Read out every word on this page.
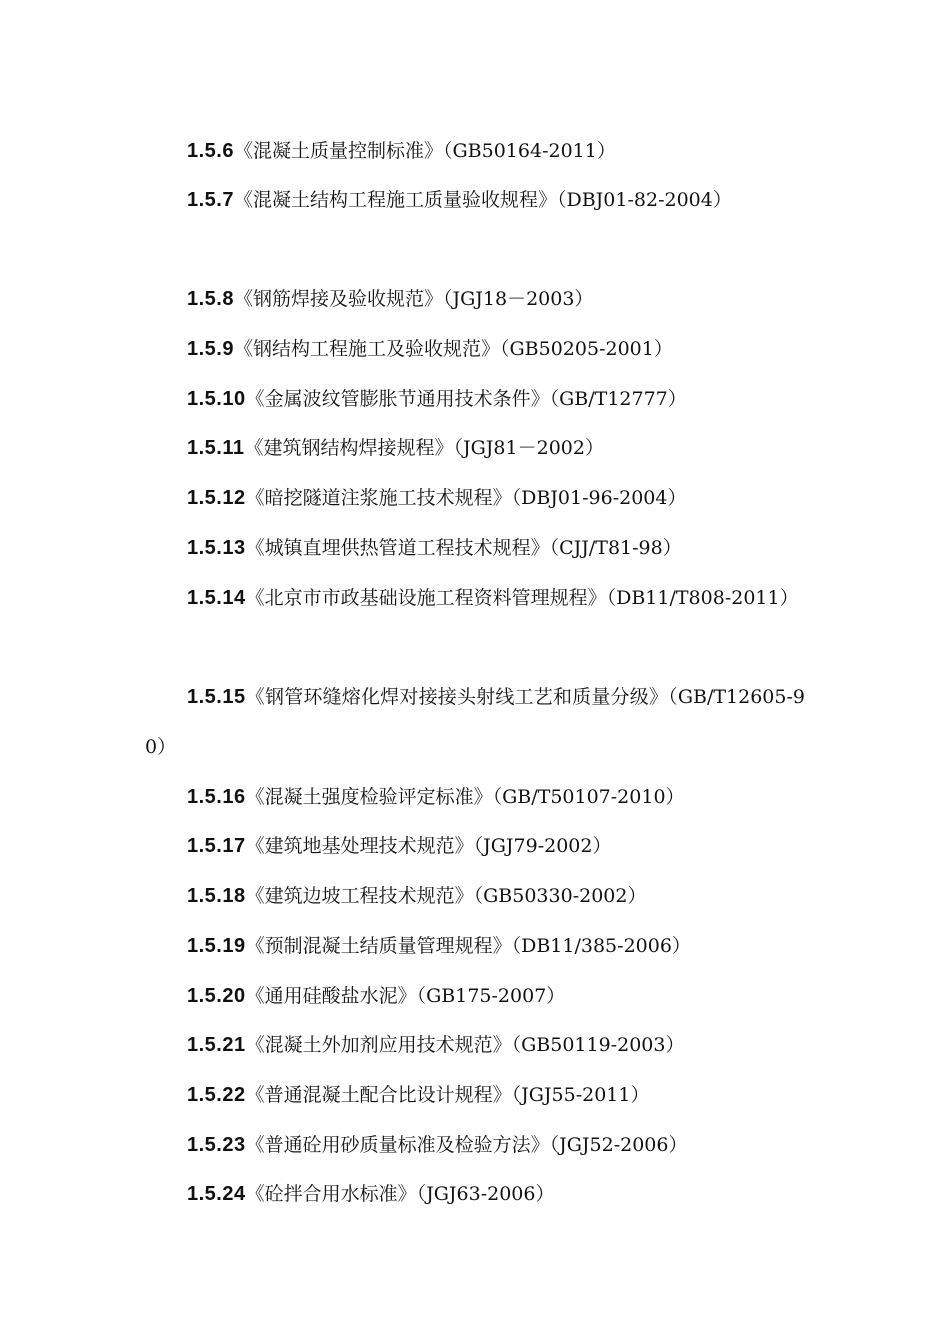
1.5.6《混凝土质量控制标准》（GB50164-2011）

1.5.7《混凝土结构工程施工质量验收规程》（DBJ01-82-2004）

1.5.8《钢筋焊接及验收规范》（JGJ18－2003）

1.5.9《钢结构工程施工及验收规范》（GB50205-2001）

1.5.10《金属波纹管膨胀节通用技术条件》（GB/T12777）

1.5.11《建筑钢结构焊接规程》（JGJ81－2002）

1.5.12《暗挖隧道注浆施工技术规程》（DBJ01-96-2004）

1.5.13《城镇直埋供热管道工程技术规程》（CJJ/T81-98）

1.5.14《北京市市政基础设施工程资料管理规程》（DB11/T808-2011）

1.5.15《钢管环缝熔化焊对接接头射线工艺和质量分级》（GB/T12605-90）

1.5.16《混凝土强度检验评定标准》（GB/T50107-2010）

1.5.17《建筑地基处理技术规范》（JGJ79-2002）

1.5.18《建筑边坡工程技术规范》（GB50330-2002）

1.5.19《预制混凝土结质量管理规程》（DB11/385-2006）

1.5.20《通用硅酸盐水泥》（GB175-2007）

1.5.21《混凝土外加剂应用技术规范》（GB50119-2003）

1.5.22《普通混凝土配合比设计规程》（JGJ55-2011）

1.5.23《普通砼用砂质量标准及检验方法》（JGJ52-2006）

1.5.24《砼拌合用水标准》（JGJ63-2006）
